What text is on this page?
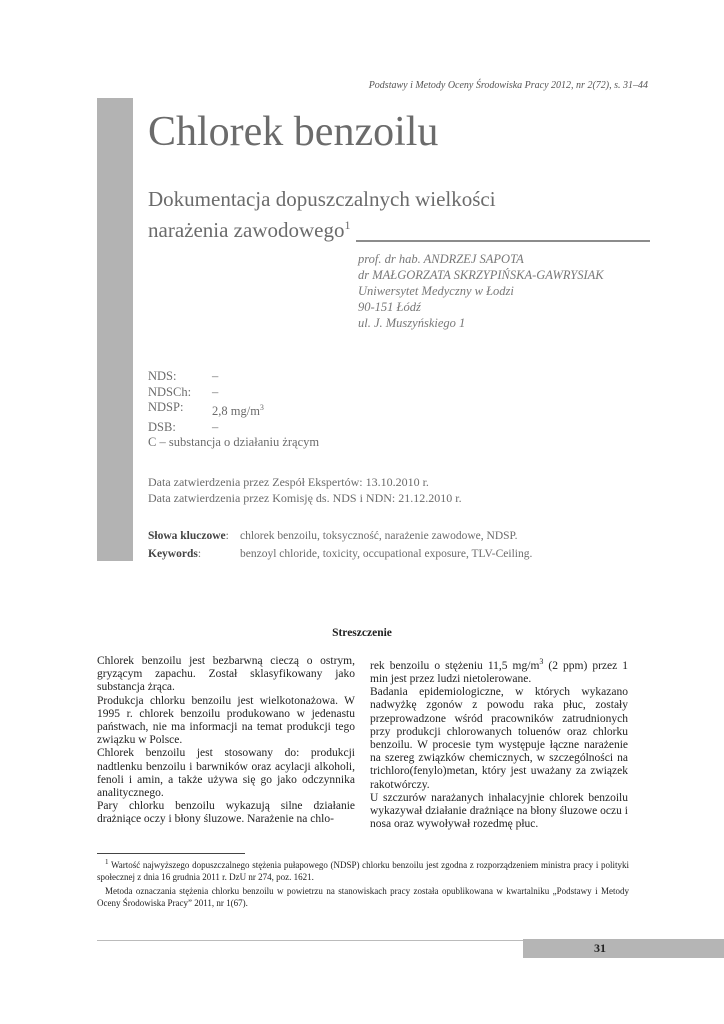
Podstawy i Metody Oceny Środowiska Pracy 2012, nr 2(72), s. 31–44
Chlorek benzoilu
Dokumentacja dopuszczalnych wielkości
narażenia zawodowego$^1$
prof. dr hab. ANDRZEJ SAPOTA
dr MAŁGORZATA SKRZYPIŃSKA-GAWRYSIAK
Uniwersytet Medyczny w Łodzi
90-151 Łódź
ul. J. Muszyńskiego 1
NDS:	–
NDSCh:	–
NDSP:	2,8 $mg/m^3$
DSB:	–
C – substancja o działaniu żrącym
Data zatwierdzenia przez Zespół Ekspertów: 13.10.2010 r.
Data zatwierdzenia przez Komisję ds. NDS i NDN: 21.12.2010 r.
Słowa kluczowe: chlorek benzoilu, toksyczność, narażenie zawodowe, NDSP.
Keywords:	benzoyl chloride, toxicity, occupational exposure, TLV-Ceiling.
Streszczenie

Chlorek benzoilu jest bezbarwną cieczą o ostrym, gryzącym zapachu. Został sklasyfikowany jako substancja żrąca.

Produkcja chlorku benzoilu jest wielkotonażowa. W 1995 r. chlorek benzoilu produkowano w jedenastu państwach, nie ma informacji na temat produkcji tego związku w Polsce.

Chlorek benzoilu jest stosowany do: produkcji nadtlenku benzoilu i barwników oraz acylacji alkoholi, fenoli i amin, a także używa się go jako odczynnika analitycznego.

Pary chlorku benzoilu wykazują silne działanie drażniące oczy i błony śluzowe. Narażenie na chlo-

rek benzoilu o stężeniu 11,5 $mg/m^3$ (2 ppm) przez 1 min jest przez ludzi nietolerowane.

Badania epidemiologiczne, w których wykazano nadwyżkę zgonów z powodu raka płuc, zostały przeprowadzone wśród pracowników zatrudnionych przy produkcji chlorowanych toluenów oraz chlorku benzoilu. W procesie tym występuje łączne narażenie na szereg związków chemicznych, w szczególności na trichloro(fenylo)metan, który jest uważany za związek rakotwórczy.

U szczurów narażanych inhalacyjnie chlorek benzoilu wykazywał działanie drażniące na błony śluzowe oczu i nosa oraz wywoływał rozedmę płuc.

$^1$ Wartość najwyższego dopuszczalnego stężenia pułapowego (NDSP) chlorku benzoilu jest zgodna z rozporządzeniem ministra pracy i polityki społecznej z dnia 16 grudnia 2011 r. DzU nr 274, poz. 1621.

Metoda oznaczania stężenia chlorku benzoilu w powietrzu na stanowiskach pracy została opublikowana w kwartalniku „Podstawy i Metody Oceny Środowiska Pracy” 2011, nr 1(67).

31
